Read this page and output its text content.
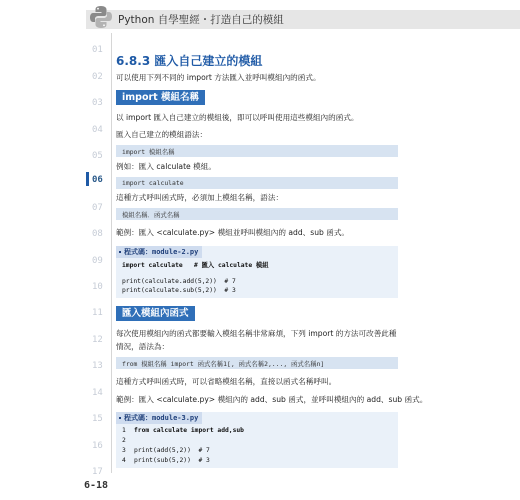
Python 自學聖經・打造自己的模組
01
02
03
04
05
06
07
08
09
10
11
12
13
14
15
16
17
6.8.3 匯入自己建立的模組
可以使用下列不同的 import 方法匯入並呼叫模組內的函式。
import 模組名稱
以 import 匯入自己建立的模組後，即可以呼叫使用這些模組內的函式。
匯入自己建立的模組語法：
import 模組名稱
例如：匯入 calculate 模組。
import calculate
這種方式呼叫函式時，必須加上模組名稱，語法：
模組名稱．函式名稱
範例：匯入 <calculate.py> 模組並呼叫模組內的 add、sub 函式。
程式碼：module-2.py
import calculate   # 匯入 calculate 模組
print(calculate.add(5,2))  # 7
print(calculate.sub(5,2))  # 3
匯入模組內函式
每次使用模組內的函式都要輸入模組名稱非常麻煩，下列 import 的方法可改善此種
情況，語法為：
from 模組名稱 import 函式名稱1[, 函式名稱2,..., 函式名稱n]
這種方式呼叫函式時，可以省略模組名稱，直接以函式名稱呼叫。
範例：匯入 <calculate.py> 模組內的 add、sub 函式，並呼叫模組內的 add、sub 函式。
程式碼：module-3.py
1 from calculate import add,sub
2
3 print(add(5,2))  # 7
4 print(sub(5,2))  # 3
6-18
